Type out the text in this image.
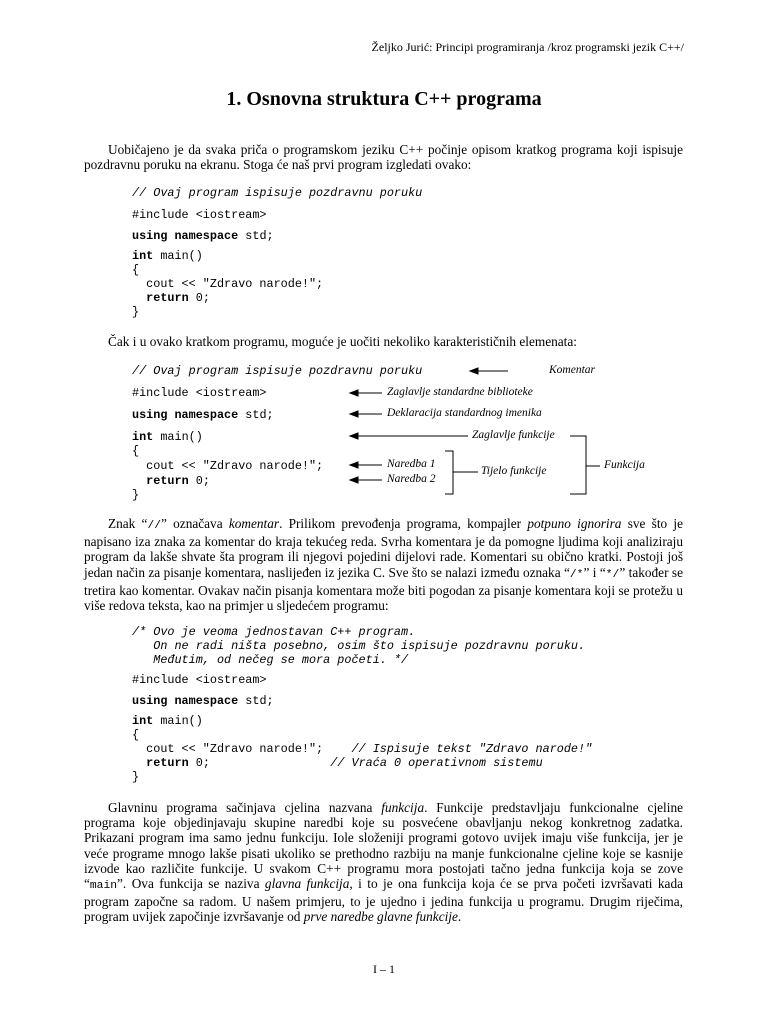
Željko Jurić: Principi programiranja /kroz programski jezik C++/
1. Osnovna struktura C++ programa
Uobičajeno je da svaka priča o programskom jeziku C++ počinje opisom kratkog programa koji ispisuje pozdravnu poruku na ekranu. Stoga će naš prvi program izgledati ovako:
// Ovaj program ispisuje pozdravnu poruku
#include <iostream>
using namespace std;
int main()
{
cout << "Zdravo narode!";
return 0;
}
Čak i u ovako kratkom programu, moguće je uočiti nekoliko karakterističnih elemenata:
// Ovaj program ispisuje pozdravnu poruku
#include <iostream>
using namespace std;
int main()
{
cout << "Zdravo narode!";
return 0;
}
Komentar
Zaglavlje standardne biblioteke
Deklaracija standardnog imenika
Zaglavlje funkcije
Naredba 1
Naredba 2
Tijelo funkcije	Funkcija
Znak “//” označava komentar. Prilikom prevođenja programa, kompajler potpuno ignorira sve što je napisano iza znaka za komentar do kraja tekućeg reda. Svrha komentara je da pomogne ljudima koji analiziraju program da lakše shvate šta program ili njegovi pojedini dijelovi rade. Komentari su obično kratki. Postoji još jedan način za pisanje komentara, naslijeđen iz jezika C. Sve što se nalazi između oznaka “/*” i “*/” također se tretira kao komentar. Ovakav način pisanja komentara može biti pogodan za pisanje komentara koji se protežu u više redova teksta, kao na primjer u sljedećem programu:
/* Ovo je veoma jednostavan C++ program.
On ne radi ništa posebno, osim što ispisuje pozdravnu poruku.
Međutim, od nečeg se mora početi. */
#include <iostream>
using namespace std;
int main()
{
cout << "Zdravo narode!";    // Ispisuje tekst "Zdravo narode!"
return 0;	// Vraća 0 operativnom sistemu
}
Glavninu programa sačinjava cjelina nazvana funkcija. Funkcije predstavljaju funkcionalne cjeline programa koje objedinjavaju skupine naredbi koje su posvećene obavljanju nekog konkretnog zadatka. Prikazani program ima samo jednu funkciju. Iole složeniji programi gotovo uvijek imaju više funkcija, jer je veće programe mnogo lakše pisati ukoliko se prethodno razbiju na manje funkcionalne cjeline koje se kasnije izvode kao različite funkcije. U svakom C++ programu mora postojati tačno jedna funkcija koja se zove “main”. Ova funkcija se naziva glavna funkcija, i to je ona funkcija koja će se prva početi izvršavati kada program započne sa radom. U našem primjeru, to je ujedno i jedina funkcija u programu. Drugim riječima, program uvijek započinje izvršavanje od prve naredbe glavne funkcije.
I – 1
